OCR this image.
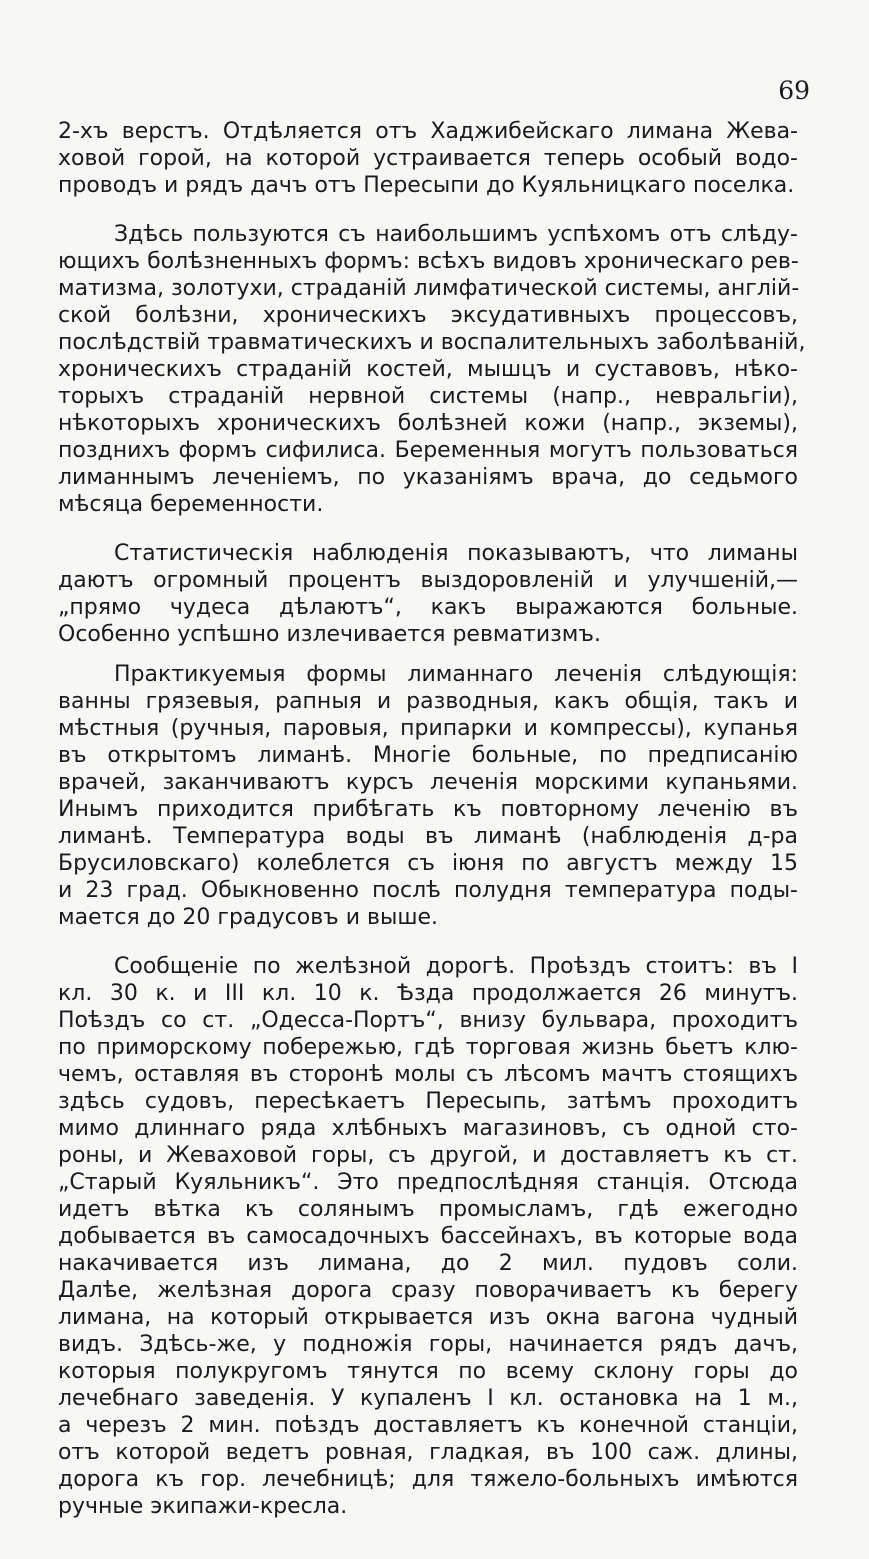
69
2-хъ верстъ. Отдѣляется отъ Хаджибейскаго лимана Жева-
ховой горой, на которой устраивается теперь особый водо-
проводъ и рядъ дачъ отъ Пересыпи до Куяльницкаго поселка.
Здѣсь пользуются съ наибольшимъ успѣхомъ отъ слѣду-
ющихъ болѣзненныхъ формъ: всѣхъ видовъ хроническаго рев-
матизма, золотухи, страданій лимфатической системы, англій-
ской болѣзни, хроническихъ эксудативныхъ процессовъ,
послѣдствій травматическихъ и воспалительныхъ заболѣваній,
хроническихъ страданій костей, мышцъ и суставовъ, нѣко-
торыхъ страданій нервной системы (напр., невральгіи),
нѣкоторыхъ хроническихъ болѣзней кожи (напр., экземы),
позднихъ формъ сифилиса. Беременныя могутъ пользоваться
лиманнымъ леченіемъ, по указаніямъ врача, до седьмого
мѣсяца беременности.
Статистическія наблюденія показываютъ, что лиманы
даютъ огромный процентъ выздоровленій и улучшеній,—
„прямо чудеса дѣлаютъ“, какъ выражаются больные.
Особенно успѣшно излечивается ревматизмъ.
Практикуемыя формы лиманнаго леченія слѣдующія:
ванны грязевыя, рапныя и разводныя, какъ общія, такъ и
мѣстныя (ручныя, паровыя, припарки и компрессы), купанья
въ открытомъ лиманѣ. Многіе больные, по предписанію
врачей, заканчиваютъ курсъ леченія морскими купаньями.
Инымъ приходится прибѣгать къ повторному леченію въ
лиманѣ. Температура воды въ лиманѣ (наблюденія д-ра
Брусиловскаго) колеблется съ іюня по августъ между 15
и 23 град. Обыкновенно послѣ полудня температура поды-
мается до 20 градусовъ и выше.
Сообщеніе по желѣзной дорогѣ. Проѣздъ стоитъ: въ I
кл. 30 к. и III кл. 10 к. Ѣзда продолжается 26 минутъ.
Поѣздъ со ст. „Одесса-Портъ“, внизу бульвара, проходитъ
по приморскому побережью, гдѣ торговая жизнь бьетъ клю-
чемъ, оставляя въ сторонѣ молы съ лѣсомъ мачтъ стоящихъ
здѣсь судовъ, пересѣкаетъ Пересыпь, затѣмъ проходитъ
мимо длиннаго ряда хлѣбныхъ магазиновъ, съ одной сто-
роны, и Жеваховой горы, съ другой, и доставляетъ къ ст.
„Старый Куяльникъ“. Это предпослѣдняя станція. Отсюда
идетъ вѣтка къ солянымъ промысламъ, гдѣ ежегодно
добывается въ самосадочныхъ бассейнахъ, въ которые вода
накачивается изъ лимана, до 2 мил. пудовъ соли.
Далѣе, желѣзная дорога сразу поворачиваетъ къ берегу
лимана, на который открывается изъ окна вагона чудный
видъ. Здѣсь-же, у подножія горы, начинается рядъ дачъ,
которыя полукругомъ тянутся по всему склону горы до
лечебнаго заведенія. У купаленъ I кл. остановка на 1 м.,
а черезъ 2 мин. поѣздъ доставляетъ къ конечной станціи,
отъ которой ведетъ ровная, гладкая, въ 100 саж. длины,
дорога къ гор. лечебницѣ; для тяжело-больныхъ имѣются
ручные экипажи-кресла.
